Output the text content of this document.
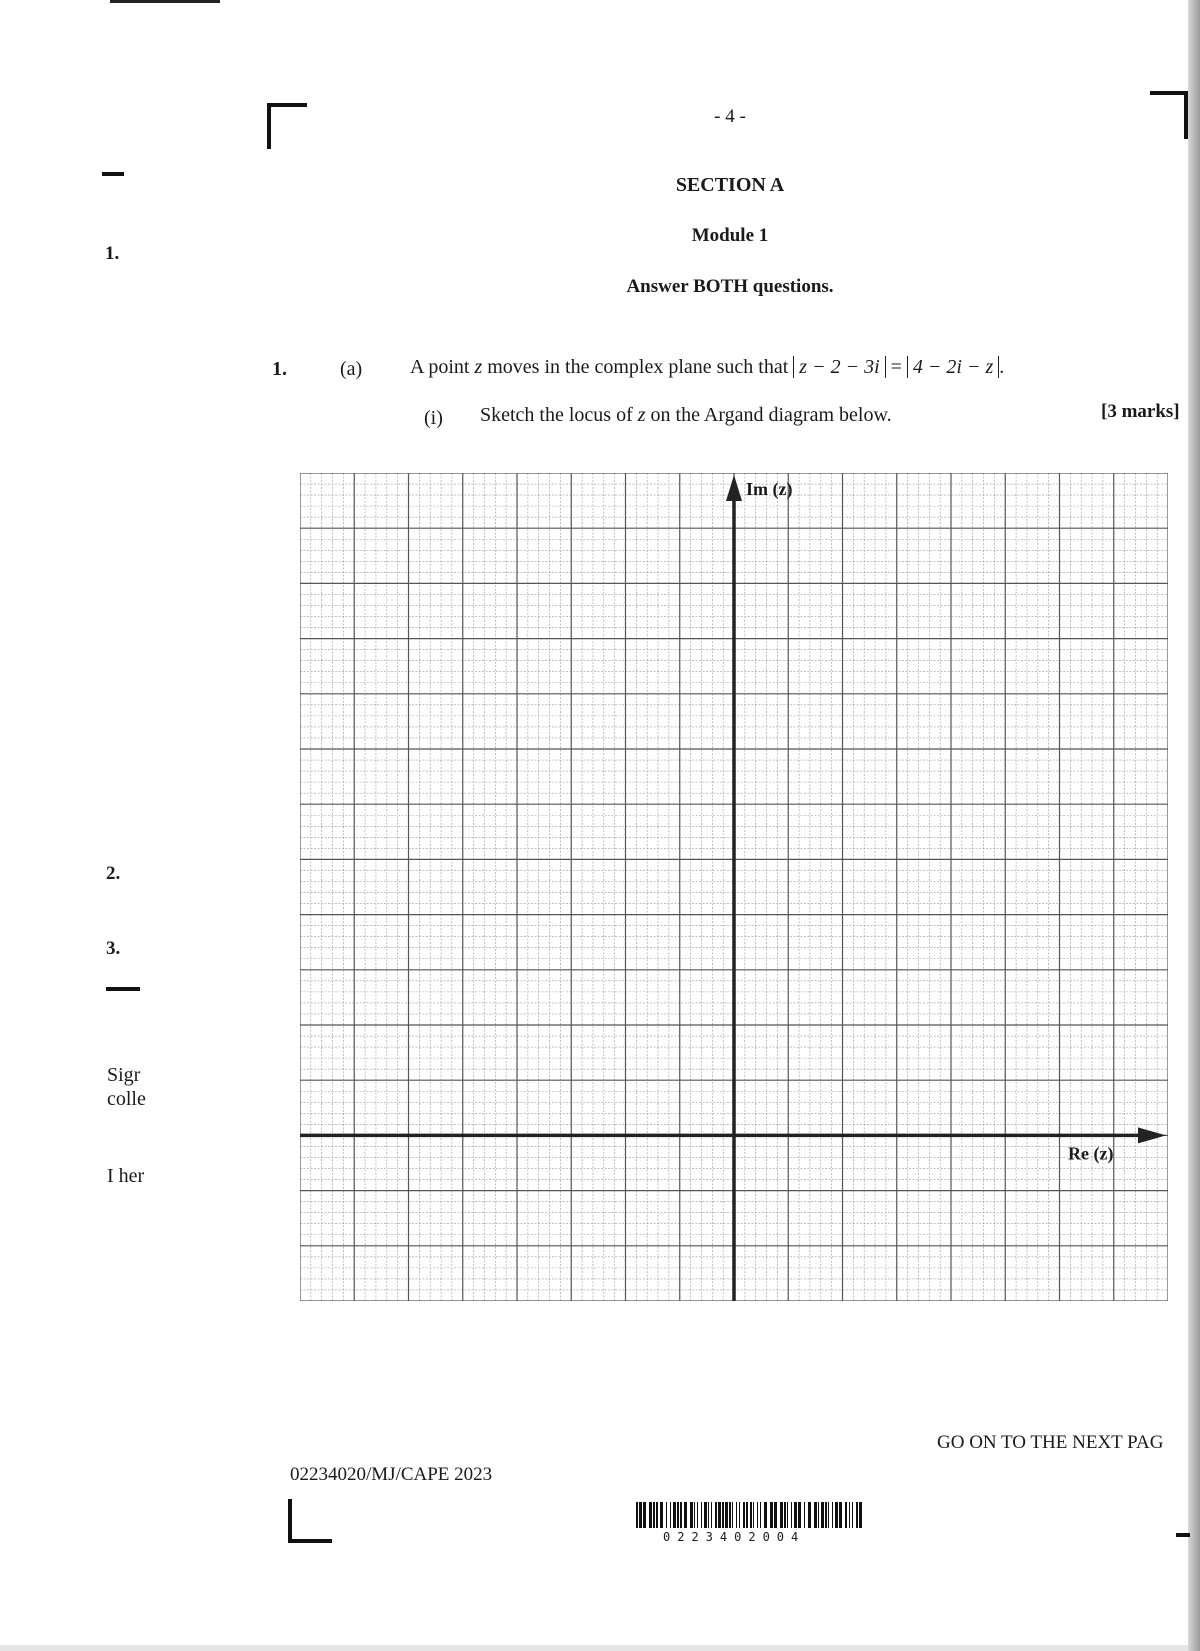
1.
2.
3.
Sigr
collе
I her
- 4 -
SECTION A
Module 1
Answer BOTH questions.
1.	(a) A point z moves in the complex plane such that z − 2 − 3i = 4 − 2i − z .
(i) Sketch the locus of z on the Argand diagram below.	[3 marks]
Im (z)
Re (z)
GO ON TO THE NEXT PAG
02234020/MJ/CAPE 2023
0223402004
